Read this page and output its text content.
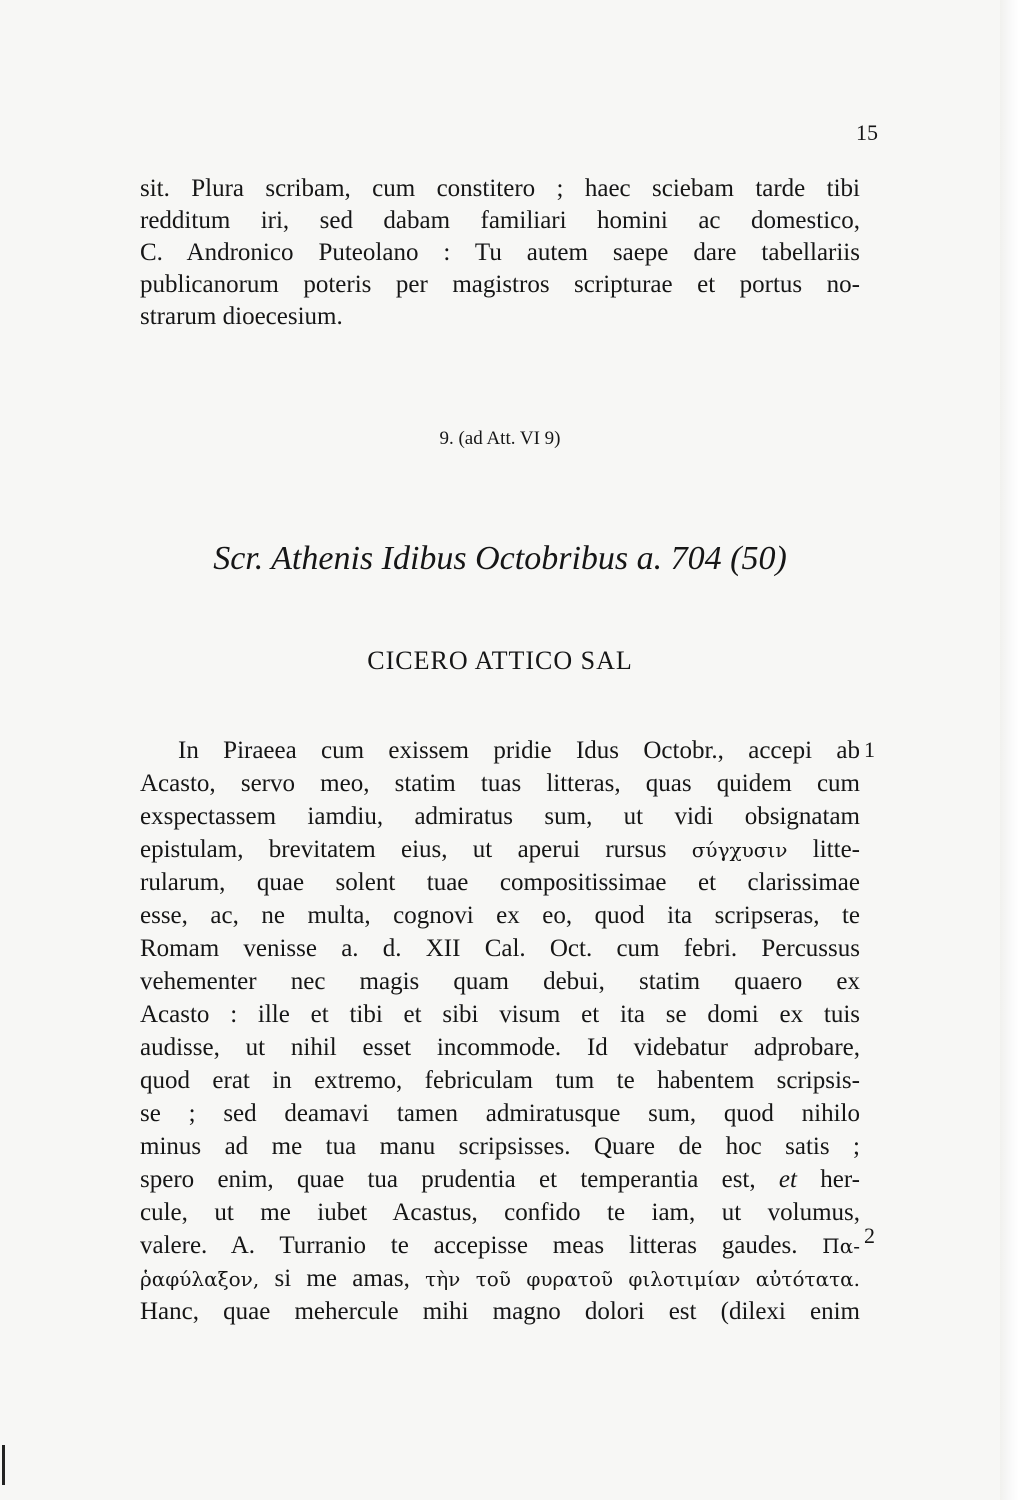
15
sit. Plura scribam, cum constitero ; haec sciebam tarde tibi
redditum iri, sed dabam familiari homini ac domestico,
C. Andronico Puteolano : Tu autem saepe dare tabellariis
publicanorum poteris per magistros scripturae et portus no-
strarum dioecesium.
9. (ad Att. VI 9)
Scr. Athenis Idibus Octobribus a. 704 (50)
CICERO ATTICO SAL
1
2
In Piraeea cum exissem pridie Idus Octobr., accepi ab
Acasto, servo meo, statim tuas litteras, quas quidem cum
exspectassem iamdiu, admiratus sum, ut vidi obsignatam
epistulam, brevitatem eius, ut aperui rursus σύγχυσιν litte-
rularum, quae solent tuae compositissimae et clarissimae
esse, ac, ne multa, cognovi ex eo, quod ita scripseras, te
Romam venisse a. d. XII Cal. Oct. cum febri. Percussus
vehementer nec magis quam debui, statim quaero ex
Acasto : ille et tibi et sibi visum et ita se domi ex tuis
audisse, ut nihil esset incommode. Id videbatur adprobare,
quod erat in extremo, febriculam tum te habentem scripsis-
se ; sed deamavi tamen admiratusque sum, quod nihilo
minus ad me tua manu scripsisses. Quare de hoc satis ;
spero enim, quae tua prudentia et temperantia est, et her-
cule, ut me iubet Acastus, confido te iam, ut volumus,
valere. A. Turranio te accepisse meas litteras gaudes. Πα-
ῥαφύλαξον, si me amas, τὴν τοῦ φυρατοῦ φιλοτιμίαν αὐτότατα.
Hanc, quae mehercule mihi magno dolori est (dilexi enim
